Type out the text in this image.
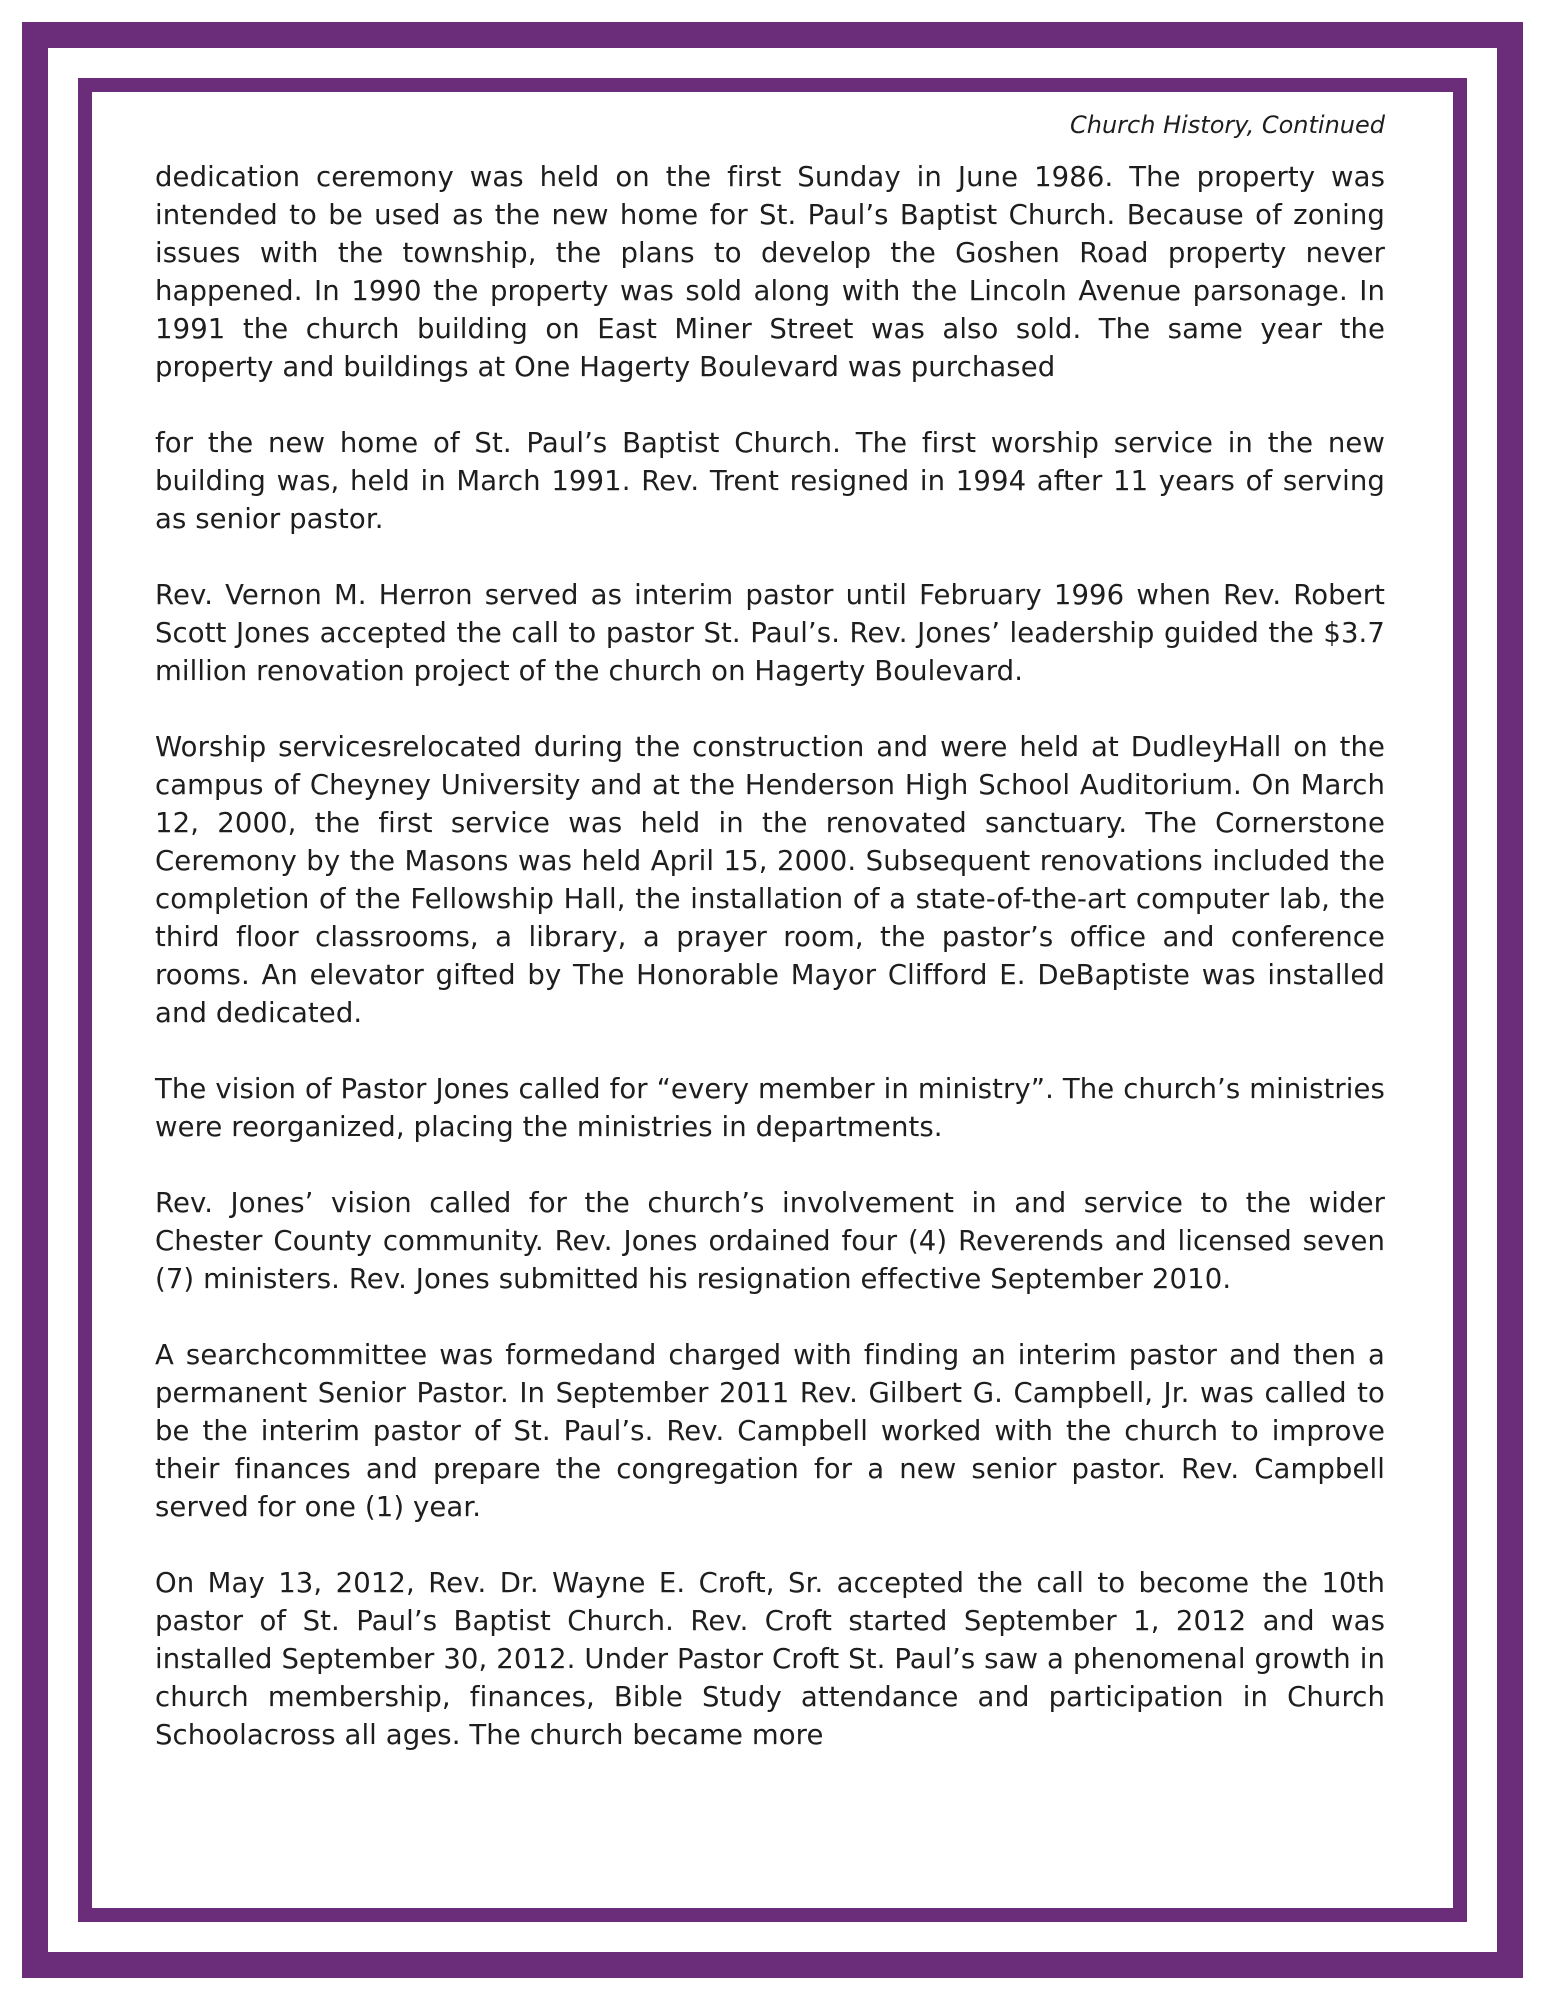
Church History, Continued

dedication ceremony was held on the first Sunday in June 1986. The property was intended to be used as the new home for St. Paul’s Baptist Church. Because of zoning issues with the township, the plans to develop the Goshen Road property never happened. In 1990 the property was sold along with the Lincoln Avenue parsonage. In 1991 the church building on East Miner Street was also sold. The same year the property and buildings at One Hagerty Boulevard was purchased

for the new home of St. Paul’s Baptist Church. The first worship service in the new building was, held in March 1991. Rev. Trent resigned in 1994 after 11 years of serving as senior pastor.

Rev. Vernon M. Herron served as interim pastor until February 1996 when Rev. Robert Scott Jones accepted the call to pastor St. Paul’s. Rev. Jones’ leadership guided the $3.7 million renovation project of the church on Hagerty Boulevard.

Worship servicesrelocated during the construction and were held at DudleyHall on the campus of Cheyney University and at the Henderson High School Auditorium. On March 12, 2000, the first service was held in the renovated sanctuary. The Cornerstone Ceremony by the Masons was held April 15, 2000. Subsequent renovations included the completion of the Fellowship Hall, the installation of a state-of-the-art computer lab, the third floor classrooms, a library, a prayer room, the pastor’s office and conference rooms. An elevator gifted by The Honorable Mayor Clifford E. DeBaptiste was installed and dedicated.

The vision of Pastor Jones called for “every member in ministry”. The church’s ministries were reorganized, placing the ministries in departments.

Rev. Jones’ vision called for the church’s involvement in and service to the wider Chester County community. Rev. Jones ordained four (4) Reverends and licensed seven (7) ministers. Rev. Jones submitted his resignation effective September 2010.

A searchcommittee was formedand charged with finding an interim pastor and then a permanent Senior Pastor. In September 2011 Rev. Gilbert G. Campbell, Jr. was called to be the interim pastor of St. Paul’s. Rev. Campbell worked with the church to improve their finances and prepare the congregation for a new senior pastor. Rev. Campbell served for one (1) year.

On May 13, 2012, Rev. Dr. Wayne E. Croft, Sr. accepted the call to become the 10th pastor of St. Paul’s Baptist Church. Rev. Croft started September 1, 2012 and was installed September 30, 2012. Under Pastor Croft St. Paul’s saw a phenomenal growth in church membership, finances, Bible Study attendance and participation in Church Schoolacross all ages. The church became more
